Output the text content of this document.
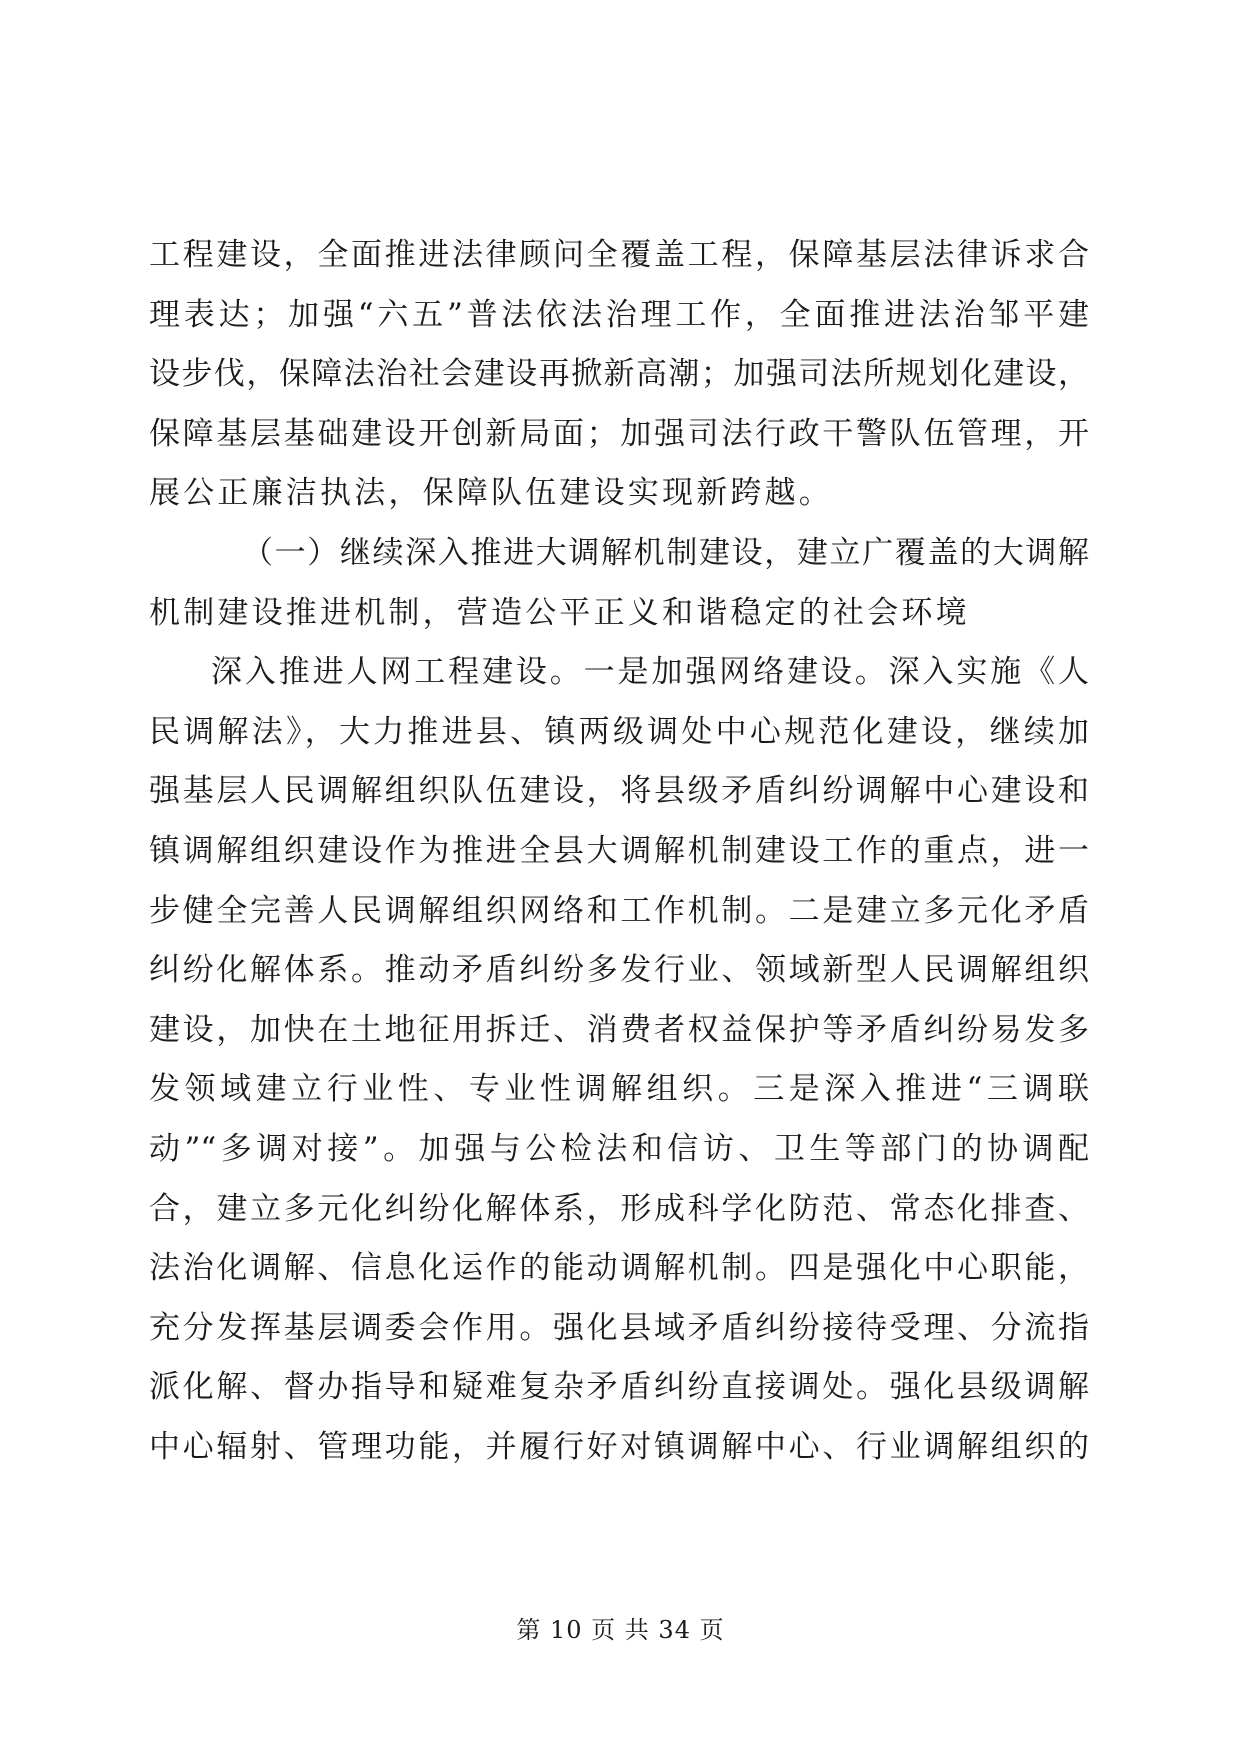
工程建设，全面推进法律顾问全覆盖工程，保障基层法律诉求合
理表达；加强“六五”普法依法治理工作，全面推进法治邹平建
设步伐，保障法治社会建设再掀新高潮；加强司法所规划化建设，
保障基层基础建设开创新局面；加强司法行政干警队伍管理，开
展公正廉洁执法，保障队伍建设实现新跨越。
（一）继续深入推进大调解机制建设，建立广覆盖的大调解
机制建设推进机制，营造公平正义和谐稳定的社会环境
深入推进人网工程建设。一是加强网络建设。深入实施《人
民调解法》，大力推进县、镇两级调处中心规范化建设，继续加
强基层人民调解组织队伍建设，将县级矛盾纠纷调解中心建设和
镇调解组织建设作为推进全县大调解机制建设工作的重点，进一
步健全完善人民调解组织网络和工作机制。二是建立多元化矛盾
纠纷化解体系。推动矛盾纠纷多发行业、领域新型人民调解组织
建设，加快在土地征用拆迁、消费者权益保护等矛盾纠纷易发多
发领域建立行业性、专业性调解组织。三是深入推进“三调联
动”“多调对接”。加强与公检法和信访、卫生等部门的协调配
合，建立多元化纠纷化解体系，形成科学化防范、常态化排查、
法治化调解、信息化运作的能动调解机制。四是强化中心职能，
充分发挥基层调委会作用。强化县域矛盾纠纷接待受理、分流指
派化解、督办指导和疑难复杂矛盾纠纷直接调处。强化县级调解
中心辐射、管理功能，并履行好对镇调解中心、行业调解组织的
第 10 页 共 34 页
